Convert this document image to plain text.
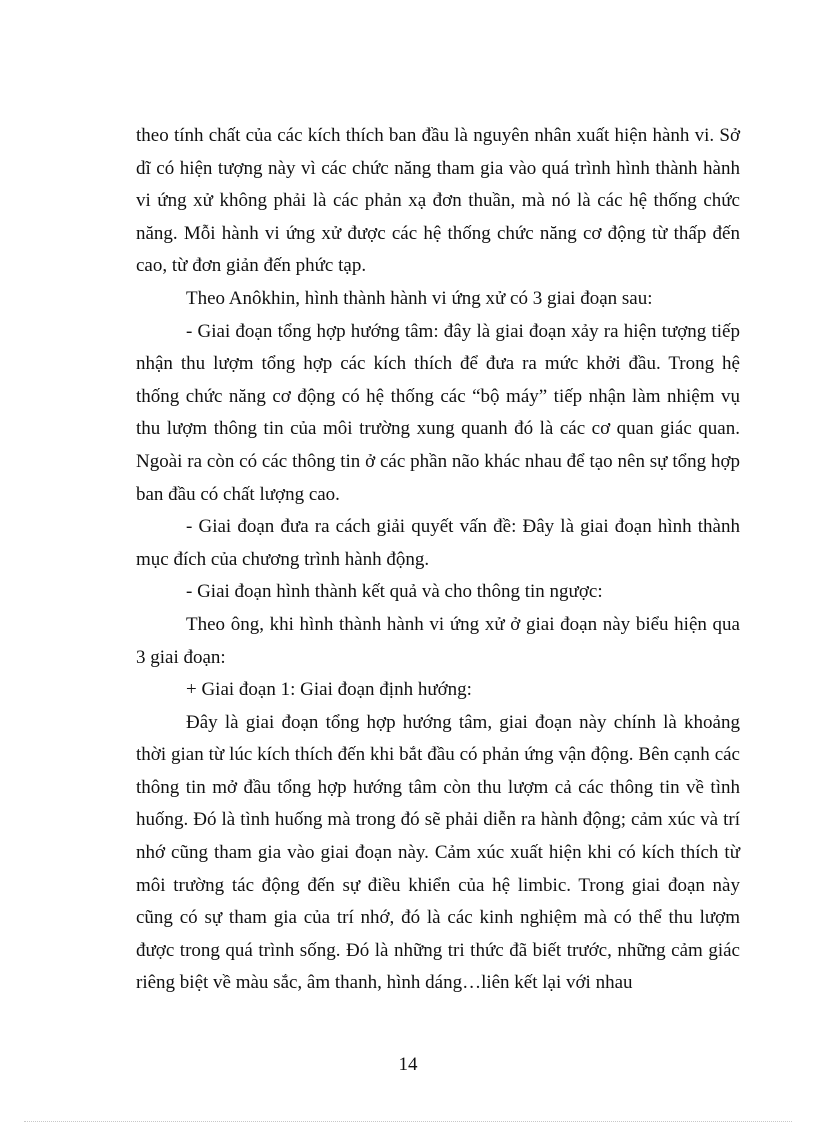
theo tính chất của các kích thích ban đầu là nguyên nhân xuất hiện hành vi. Sở dĩ có hiện tượng này vì các chức năng tham gia vào quá trình hình thành hành vi ứng xử không phải là các phản xạ đơn thuần, mà nó là các hệ thống chức năng. Mỗi hành vi ứng xử được các hệ thống chức năng cơ động từ thấp đến cao, từ đơn giản đến phức tạp.

Theo Anôkhin, hình thành hành vi ứng xử có 3 giai đoạn sau:

- Giai đoạn tổng hợp hướng tâm: đây là giai đoạn xảy ra hiện tượng tiếp nhận thu lượm tổng hợp các kích thích để đưa ra mức khởi đầu. Trong hệ thống chức năng cơ động có hệ thống các “bộ máy” tiếp nhận làm nhiệm vụ thu lượm thông tin của môi trường xung quanh đó là các cơ quan giác quan. Ngoài ra còn có các thông tin ở các phần não khác nhau để tạo nên sự tổng hợp ban đầu có chất lượng cao.

- Giai đoạn đưa ra cách giải quyết vấn đề: Đây là giai đoạn hình thành mục đích của chương trình hành động.

- Giai đoạn hình thành kết quả và cho thông tin ngược:

Theo ông, khi hình thành hành vi ứng xử ở giai đoạn này biểu hiện qua 3 giai đoạn:

+ Giai đoạn 1: Giai đoạn định hướng:

Đây là giai đoạn tổng hợp hướng tâm, giai đoạn này chính là khoảng thời gian từ lúc kích thích đến khi bắt đầu có phản ứng vận động. Bên cạnh các thông tin mở đầu tổng hợp hướng tâm còn thu lượm cả các thông tin về tình huống. Đó là tình huống mà trong đó sẽ phải diễn ra hành động; cảm xúc và trí nhớ cũng tham gia vào giai đoạn này. Cảm xúc xuất hiện khi có kích thích từ môi trường tác động đến sự điều khiển của hệ limbic. Trong giai đoạn này cũng có sự tham gia của trí nhớ, đó là các kinh nghiệm mà có thể thu lượm được trong quá trình sống. Đó là những tri thức đã biết trước, những cảm giác riêng biệt về màu sắc, âm thanh, hình dáng…liên kết lại với nhau

14
